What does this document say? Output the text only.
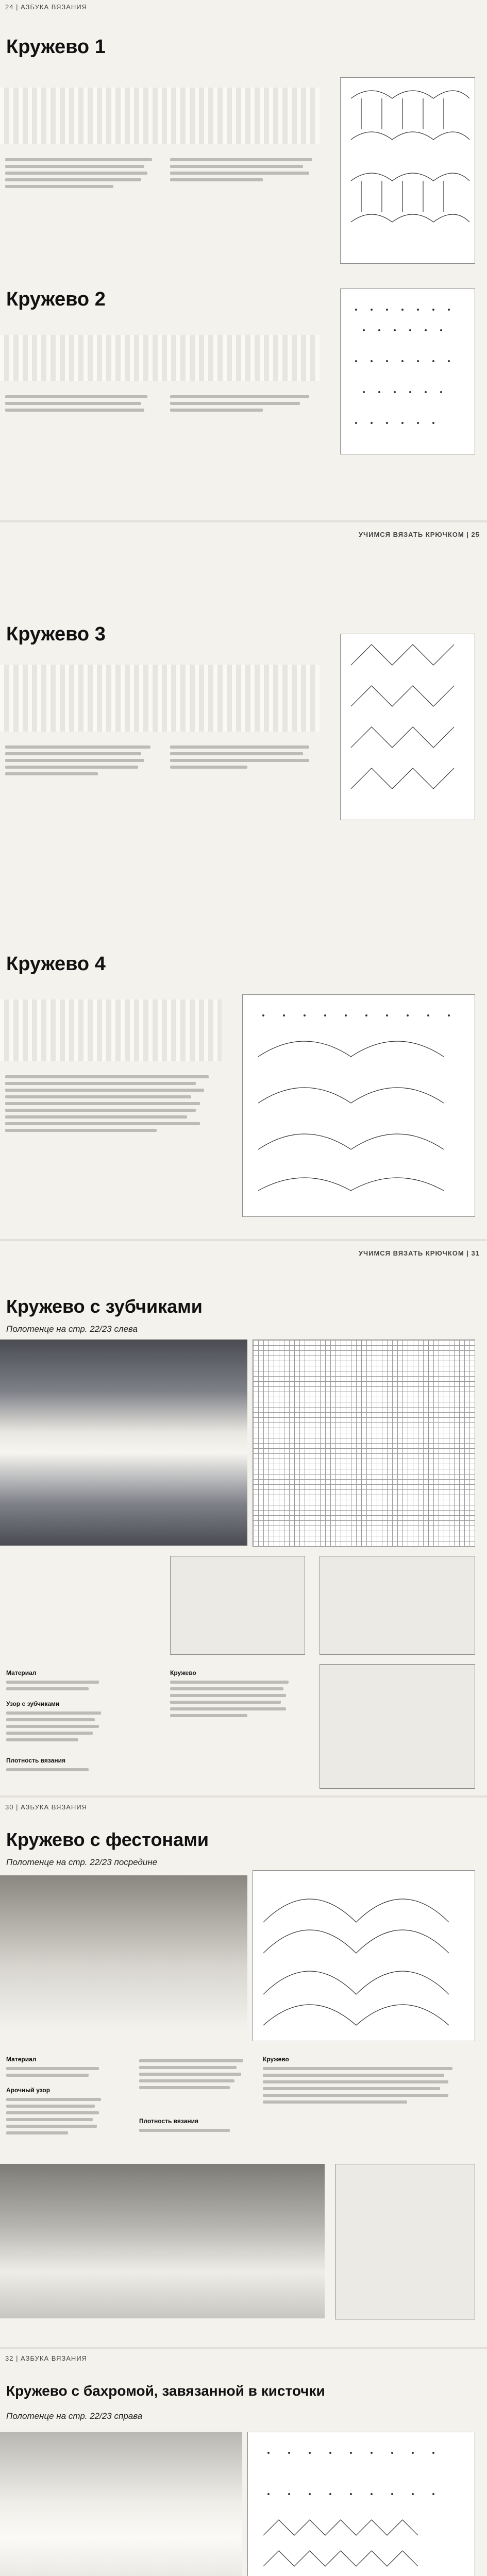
24 | АЗБУКА ВЯЗАНИЯ
Кружево 1
Кружево 2
УЧИМСЯ ВЯЗАТЬ КРЮЧКОМ | 25
Кружево 3
Кружево 4
УЧИМСЯ ВЯЗАТЬ КРЮЧКОМ | 31
Кружево с зубчиками
Полотенце на стр. 22/23 слева
Материал
Узор с зубчиками
Плотность вязания
Кружево
30 | АЗБУКА ВЯЗАНИЯ
Кружево с фестонами
Полотенце на стр. 22/23 посредине
Материал
Арочный узор
Плотность вязания
Кружево
32 | АЗБУКА ВЯЗАНИЯ
Кружево с бахромой, завязанной в кисточки
Полотенце на стр. 22/23 справа
